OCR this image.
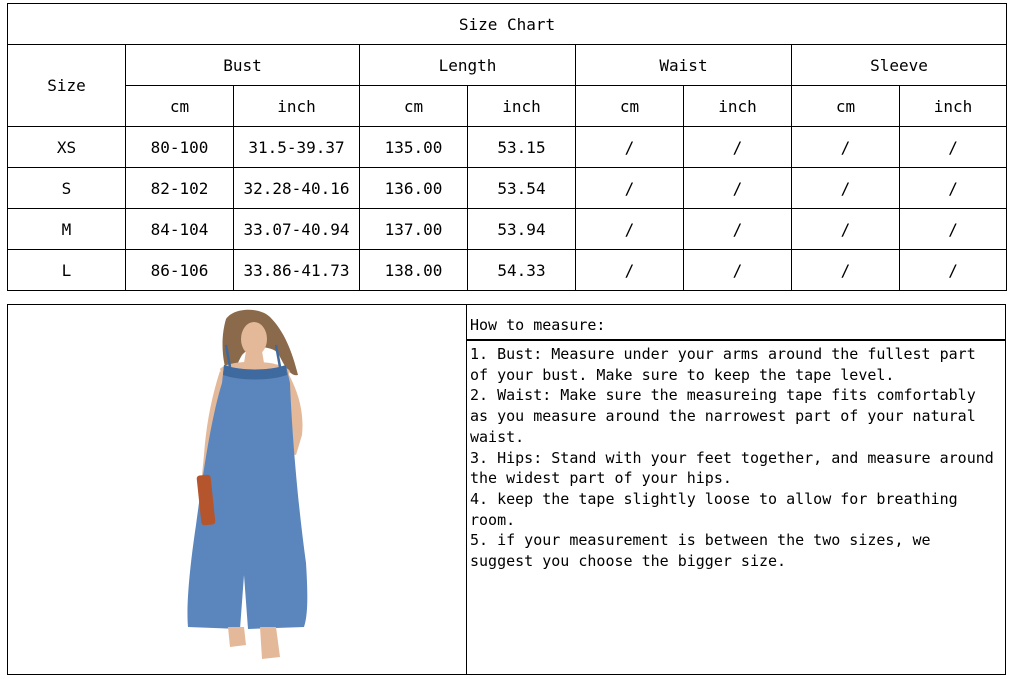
Size Chart								
Size	Bust		Length		Waist		Sleeve	
	cm	inch	cm	inch	cm	inch	cm	inch
XS	80-100	31.5-39.37	135.00	53.15	/	/	/	/
S	82-102	32.28-40.16	136.00	53.54	/	/	/	/
M	84-104	33.07-40.94	137.00	53.94	/	/	/	/
L	86-106	33.86-41.73	138.00	54.33	/	/	/	/
How to measure:
1. Bust: Measure under your arms around the fullest part of your bust. Make sure to keep the tape level.
2. Waist: Make sure the measureing tape fits comfortably as you measure around the narrowest part of your natural waist.
3. Hips: Stand with your feet together, and measure around the widest part of your hips.
4. keep the tape slightly loose to allow for breathing room.
5. if your measurement is between the two sizes, we suggest you choose the bigger size.
